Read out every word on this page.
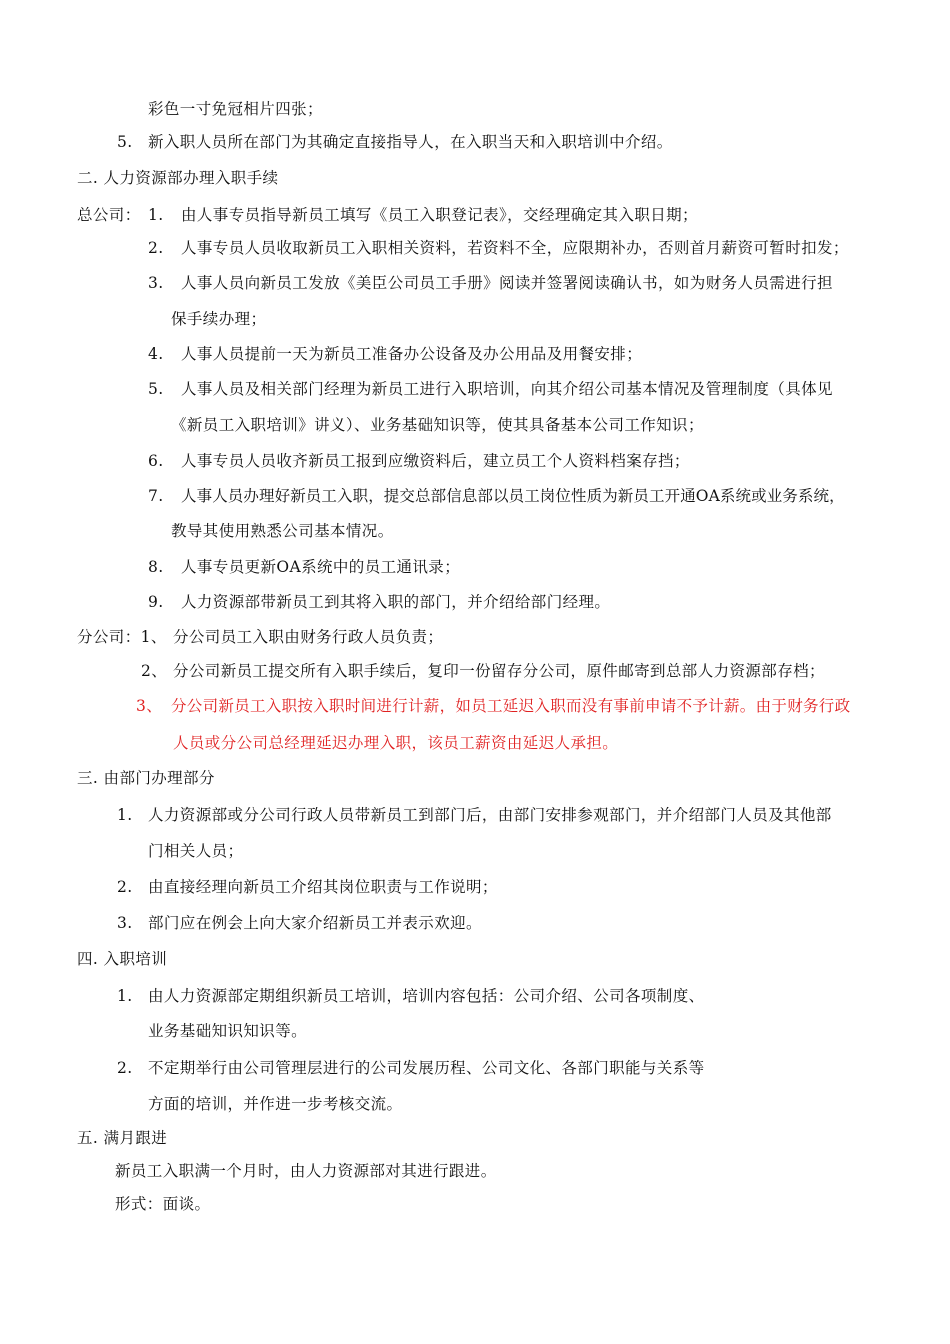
彩色一寸免冠相片四张；
5. 新入职人员所在部门为其确定直接指导人，在入职当天和入职培训中介绍。
二. 人力资源部办理入职手续
总公司： 1. 由人事专员指导新员工填写《员工入职登记表》，交经理确定其入职日期；
2. 人事专员人员收取新员工入职相关资料，若资料不全，应限期补办，否则首月薪资可暂时扣发；
3. 人事人员向新员工发放《美臣公司员工手册》阅读并签署阅读确认书，如为财务人员需进行担
保手续办理；
4. 人事人员提前一天为新员工准备办公设备及办公用品及用餐安排；
5. 人事人员及相关部门经理为新员工进行入职培训，向其介绍公司基本情况及管理制度（具体见
《新员工入职培训》讲义）、业务基础知识等，使其具备基本公司工作知识；
6. 人事专员人员收齐新员工报到应缴资料后，建立员工个人资料档案存挡；
7. 人事人员办理好新员工入职，提交总部信息部以员工岗位性质为新员工开通OA系统或业务系统，
教导其使用熟悉公司基本情况。
8. 人事专员更新OA系统中的员工通讯录；
9. 人力资源部带新员工到其将入职的部门，并介绍给部门经理。
分公司：1、 分公司员工入职由财务行政人员负责；
2、 分公司新员工提交所有入职手续后，复印一份留存分公司，原件邮寄到总部人力资源部存档；
3、 分公司新员工入职按入职时间进行计薪，如员工延迟入职而没有事前申请不予计薪。由于财务行政
人员或分公司总经理延迟办理入职，该员工薪资由延迟人承担。
三. 由部门办理部分
1. 人力资源部或分公司行政人员带新员工到部门后，由部门安排参观部门，并介绍部门人员及其他部
门相关人员；
2. 由直接经理向新员工介绍其岗位职责与工作说明；
3. 部门应在例会上向大家介绍新员工并表示欢迎。
四. 入职培训
1. 由人力资源部定期组织新员工培训，培训内容包括：公司介绍、公司各项制度、
业务基础知识知识等。
2. 不定期举行由公司管理层进行的公司发展历程、公司文化、各部门职能与关系等
方面的培训，并作进一步考核交流。
五. 满月跟进
新员工入职满一个月时，由人力资源部对其进行跟进。
形式：面谈。
